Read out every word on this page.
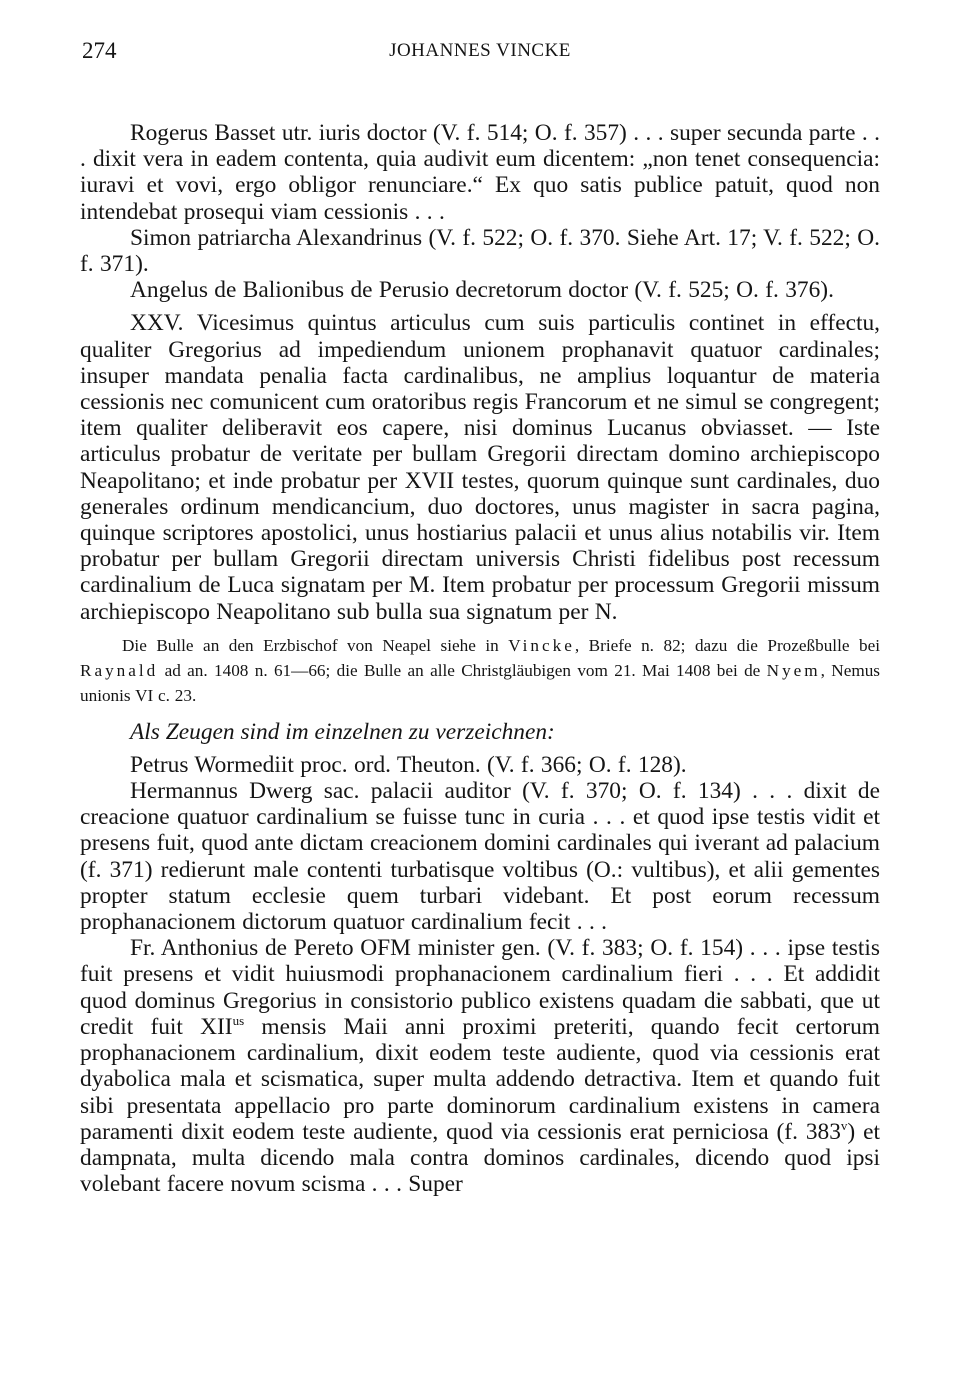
274	JOHANNES VINCKE

Rogerus Basset utr. iuris doctor (V. f. 514; O. f. 357) . . . super secunda parte . . . dixit vera in eadem contenta, quia audivit eum dicentem: „non tenet consequencia: iuravi et vovi, ergo obligor renunciare.“ Ex quo satis publice patuit, quod non intendebat prosequi viam cessionis . . .

Simon patriarcha Alexandrinus (V. f. 522; O. f. 370. Siehe Art. 17; V. f. 522; O. f. 371).

Angelus de Balionibus de Perusio decretorum doctor (V. f. 525; O. f. 376).

XXV. Vicesimus quintus articulus cum suis particulis continet in effectu, qualiter Gregorius ad impediendum unionem prophanavit quatuor cardinales; insuper mandata penalia facta cardinalibus, ne amplius loquantur de materia cessionis nec comunicent cum oratoribus regis Francorum et ne simul se congregent; item qualiter deliberavit eos capere, nisi dominus Lucanus obviasset. — Iste articulus probatur de veritate per bullam Gregorii directam domino archiepiscopo Neapolitano; et inde probatur per XVII testes, quorum quinque sunt cardinales, duo generales ordinum mendicancium, duo doctores, unus magister in sacra pagina, quinque scriptores apostolici, unus hostiarius palacii et unus alius notabilis vir. Item probatur per bullam Gregorii directam universis Christi fidelibus post recessum cardinalium de Luca signatam per M. Item probatur per processum Gregorii missum archiepiscopo Neapolitano sub bulla sua signatum per N.

Die Bulle an den Erzbischof von Neapel siehe in Vincke, Briefe n. 82; dazu die Prozeßbulle bei Raynald ad an. 1408 n. 61—66; die Bulle an alle Christgläubigen vom 21. Mai 1408 bei de Nyem, Nemus unionis VI c. 23.

Als Zeugen sind im einzelnen zu verzeichnen:

Petrus Wormediit proc. ord. Theuton. (V. f. 366; O. f. 128).

Hermannus Dwerg sac. palacii auditor (V. f. 370; O. f. 134) . . . dixit de creacione quatuor cardinalium se fuisse tunc in curia . . . et quod ipse testis vidit et presens fuit, quod ante dictam creacionem domini cardinales qui iverant ad palacium (f. 371) redierunt male contenti turbatisque voltibus (O.: vultibus), et alii gementes propter statum ecclesie quem turbari videbant. Et post eorum recessum prophanacionem dictorum quatuor cardinalium fecit . . .

Fr. Anthonius de Pereto OFM minister gen. (V. f. 383; O. f. 154) . . . ipse testis fuit presens et vidit huiusmodi prophanacionem cardinalium fieri . . . Et addidit quod dominus Gregorius in consistorio publico existens quadam die sabbati, que ut credit fuit $XII^{us}$ mensis Maii anni proximi preteriti, quando fecit certorum prophanacionem cardinalium, dixit eodem teste audiente, quod via cessionis erat dyabolica mala et scismatica, super multa addendo detractiva. Item et quando fuit sibi presentata appellacio pro parte dominorum cardinalium existens in camera paramenti dixit eodem teste audiente, quod via cessionis erat perniciosa (f. 383$^v$) et dampnata, multa dicendo mala contra dominos cardinales, dicendo quod ipsi volebant facere novum scisma . . . Super
